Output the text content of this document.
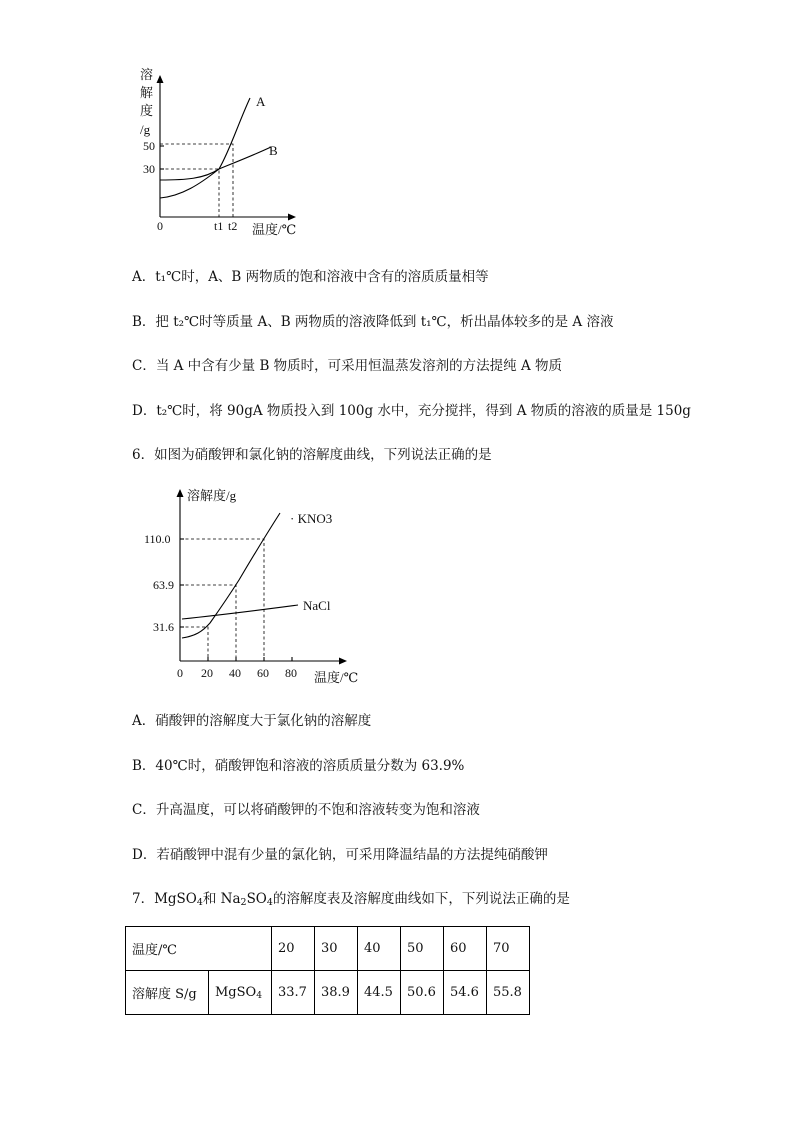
溶
解
度
/g
50
30
A
B
0	t1 t2 温度/℃
A．t₁℃时，A、B 两物质的饱和溶液中含有的溶质质量相等
B．把 t₂℃时等质量 A、B 两物质的溶液降低到 t₁℃，析出晶体较多的是 A 溶液
C．当 A 中含有少量 B 物质时，可采用恒温蒸发溶剂的方法提纯 A 物质
D．t₂℃时，将 90gA 物质投入到 100g 水中，充分搅拌，得到 A 物质的溶液的质量是 150g
6．如图为硝酸钾和氯化钠的溶解度曲线，下列说法正确的是
溶解度/g
110.0
63.9
31.6
· KNO3
NaCl
0 20 40 60 80 温度/℃
A．硝酸钾的溶解度大于氯化钠的溶解度
B．40℃时，硝酸钾饱和溶液的溶质质量分数为 63.9%
C．升高温度，可以将硝酸钾的不饱和溶液转变为饱和溶液
D．若硝酸钾中混有少量的氯化钠，可采用降温结晶的方法提纯硝酸钾
7．MgSO$_4$和 $Na_2SO_4$的溶解度表及溶解度曲线如下，下列说法正确的是
温度/℃		20	30	40	50	60	70
溶解度 S/g	MgSO$_4$	33.7	38.9	44.5	50.6	54.6	55.8
